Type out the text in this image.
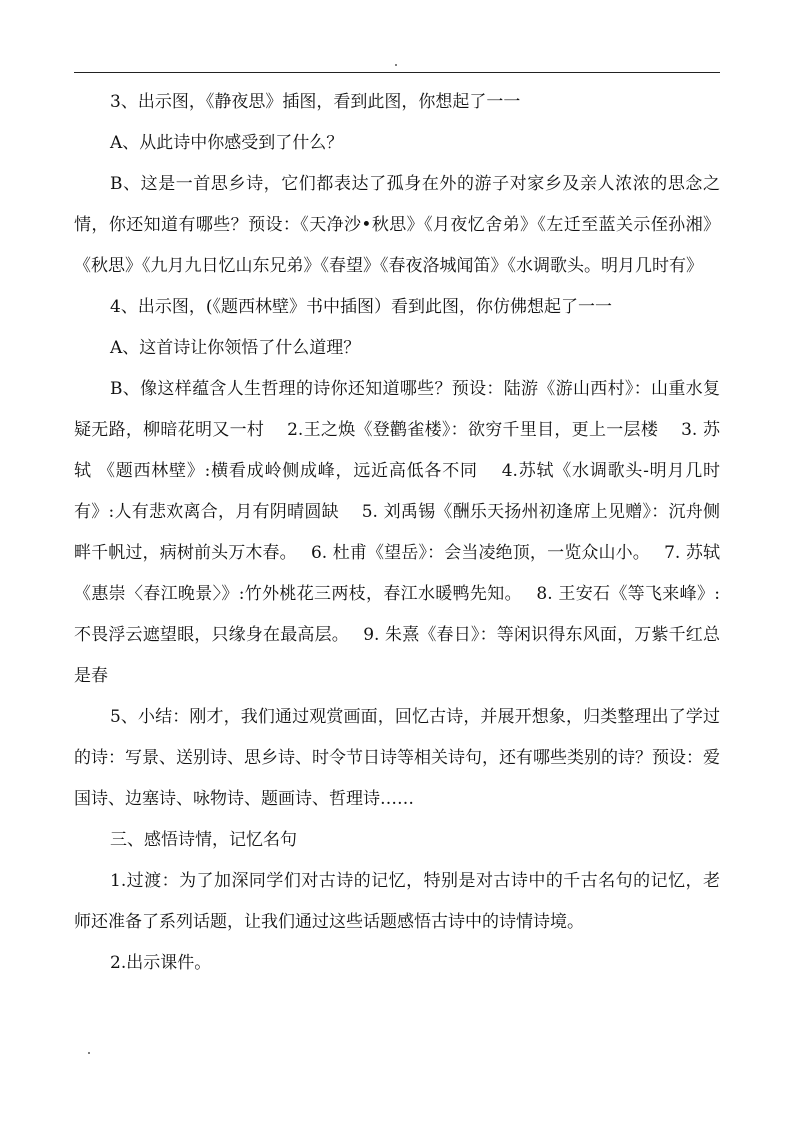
3、出示图，《静夜思》插图，看到此图，你想起了一一

A、从此诗中你感受到了什么？

B、这是一首思乡诗，它们都表达了孤身在外的游子对家乡及亲人浓浓的思念之情，你还知道有哪些？预设：《天净沙•秋思》《月夜忆舍弟》《左迁至蓝关示侄孙湘》《秋思》《九月九日忆山东兄弟》《春望》《春夜洛城闻笛》《水调歌头。明月几时有》

4、出示图，(《题西林壁》书中插图）看到此图，你仿佛想起了一一

A、这首诗让你领悟了什么道理？

B、像这样蕴含人生哲理的诗你还知道哪些？预设：陆游《游山西村》：山重水复疑无路，柳暗花明又一村　 2.王之焕《登鹳雀楼》：欲穷千里目，更上一层楼　 3. 苏轼 《题西林壁》:横看成岭侧成峰，远近高低各不同　 4.苏轼《水调歌头-明月几时有》:人有悲欢离合，月有阴晴圆缺　 5. 刘禹锡《酬乐天扬州初逢席上见赠》：沉舟侧畔千帆过，病树前头万木春。　 6. 杜甫《望岳》：会当凌绝顶，一览众山小。　 7. 苏轼《惠崇〈春江晚景〉》:竹外桃花三两枝，春江水暖鸭先知。　 8. 王安石《等飞来峰》:不畏浮云遮望眼，只缘身在最高层。　 9. 朱熹《春日》：等闲识得东风面，万紫千红总是春

5、小结：刚才，我们通过观赏画面，回忆古诗，并展开想象，归类整理出了学过的诗：写景、送别诗、思乡诗、时令节日诗等相关诗句，还有哪些类别的诗？预设：爱国诗、边塞诗、咏物诗、题画诗、哲理诗……

三、感悟诗情，记忆名句

1.过渡：为了加深同学们对古诗的记忆，特别是对古诗中的千古名句的记忆，老师还准备了系列话题，让我们通过这些话题感悟古诗中的诗情诗境。

2.出示课件。
